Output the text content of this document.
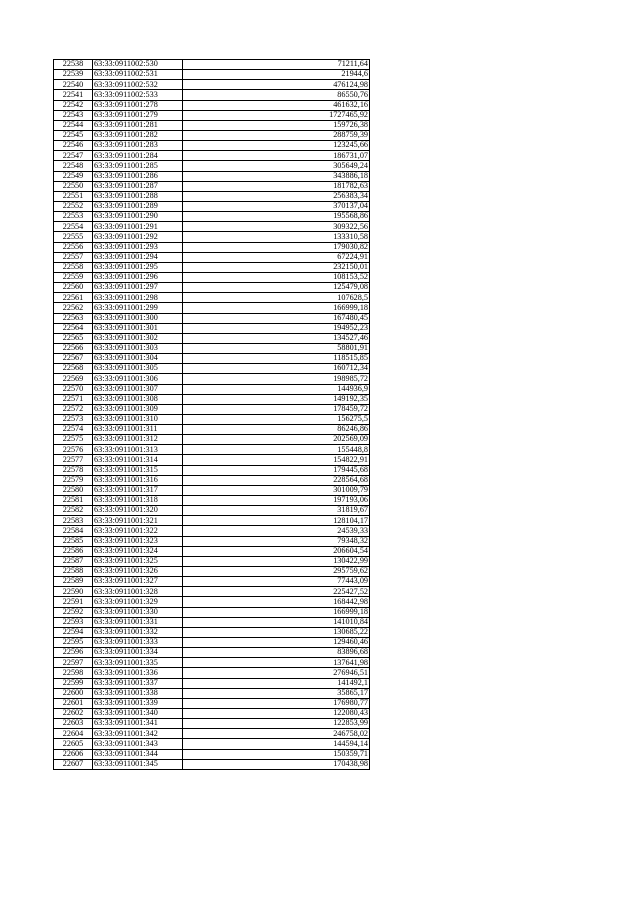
22538	63:33:0911002:530	71211,64
22539	63:33:0911002:531	21944,6
22540	63:33:0911002:532	476124,98
22541	63:33:0911002:533	86550,76
22542	63:33:0911001:278	461632,16
22543	63:33:0911001:279	1727465,92
22544	63:33:0911001:281	159726,38
22545	63:33:0911001:282	288759,39
22546	63:33:0911001:283	123245,66
22547	63:33:0911001:284	186731,07
22548	63:33:0911001:285	305649,24
22549	63:33:0911001:286	343886,18
22550	63:33:0911001:287	181782,63
22551	63:33:0911001:288	256383,34
22552	63:33:0911001:289	370137,04
22553	63:33:0911001:290	195568,86
22554	63:33:0911001:291	309322,56
22555	63:33:0911001:292	133310,58
22556	63:33:0911001:293	179030,82
22557	63:33:0911001:294	67224,91
22558	63:33:0911001:295	232150,01
22559	63:33:0911001:296	108153,52
22560	63:33:0911001:297	125479,08
22561	63:33:0911001:298	107628,5
22562	63:33:0911001:299	166999,18
22563	63:33:0911001:300	167480,45
22564	63:33:0911001:301	194952,23
22565	63:33:0911001:302	134527,46
22566	63:33:0911001:303	58801,91
22567	63:33:0911001:304	118515,85
22568	63:33:0911001:305	160712,34
22569	63:33:0911001:306	198985,72
22570	63:33:0911001:307	144936,9
22571	63:33:0911001:308	149192,35
22572	63:33:0911001:309	178459,72
22573	63:33:0911001:310	156275,5
22574	63:33:0911001:311	86246,86
22575	63:33:0911001:312	202569,09
22576	63:33:0911001:313	155448,8
22577	63:33:0911001:314	154822,91
22578	63:33:0911001:315	179445,68
22579	63:33:0911001:316	228564,68
22580	63:33:0911001:317	301009,79
22581	63:33:0911001:318	197193,06
22582	63:33:0911001:320	31819,67
22583	63:33:0911001:321	128104,17
22584	63:33:0911001:322	24539,33
22585	63:33:0911001:323	79348,32
22586	63:33:0911001:324	206604,54
22587	63:33:0911001:325	130422,99
22588	63:33:0911001:326	295759,62
22589	63:33:0911001:327	77443,09
22590	63:33:0911001:328	225427,52
22591	63:33:0911001:329	168442,98
22592	63:33:0911001:330	166999,18
22593	63:33:0911001:331	141010,84
22594	63:33:0911001:332	130685,22
22595	63:33:0911001:333	129460,46
22596	63:33:0911001:334	83896,68
22597	63:33:0911001:335	137641,98
22598	63:33:0911001:336	276946,51
22599	63:33:0911001:337	141492,1
22600	63:33:0911001:338	35865,17
22601	63:33:0911001:339	176980,77
22602	63:33:0911001:340	122080,43
22603	63:33:0911001:341	122853,99
22604	63:33:0911001:342	246758,02
22605	63:33:0911001:343	144594,14
22606	63:33:0911001:344	150359,71
22607	63:33:0911001:345	170438,98
